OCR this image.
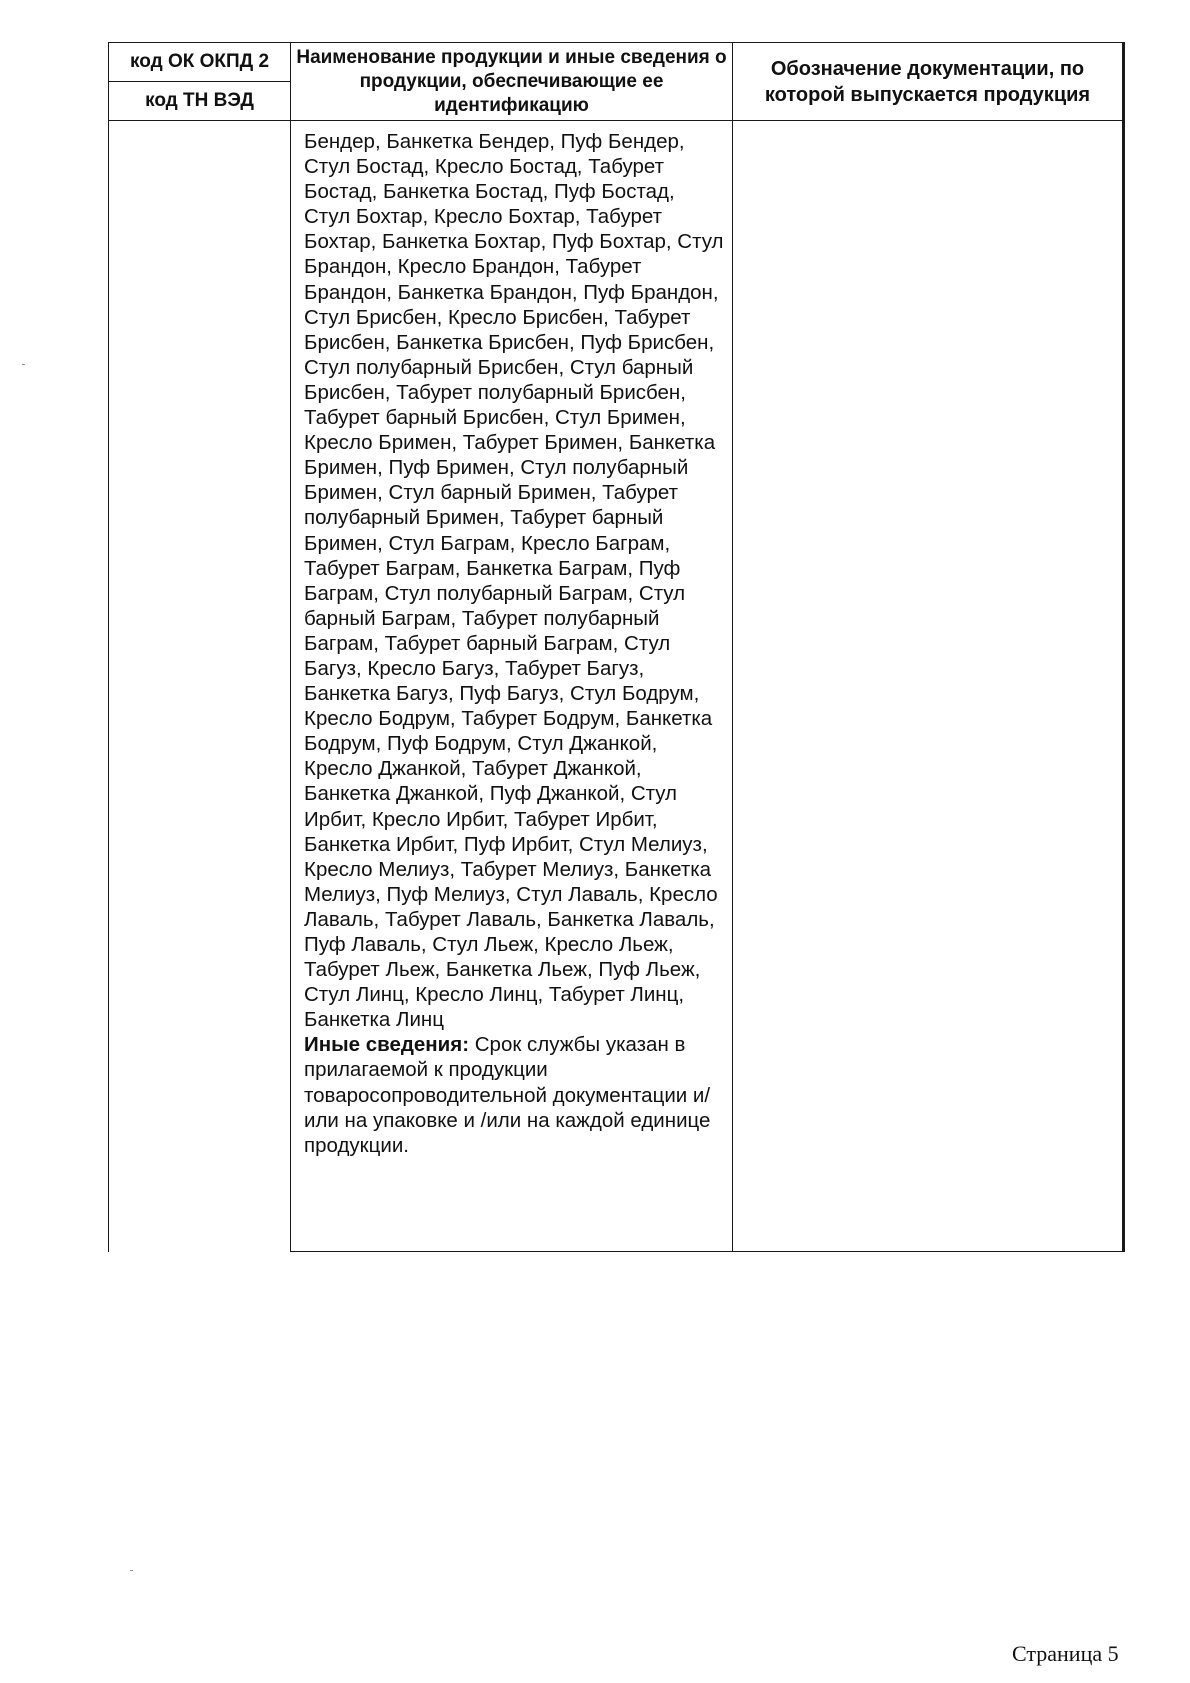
код ОК ОКПД 2	Наименование продукции и иные сведения о продукции, обеспечивающие ее идентификацию	Обозначение документации, по которой выпускается продукция
код ТН ВЭД		
	Бендер, Банкетка Бендер, Пуф Бендер, Стул Бостад, Кресло Бостад, Табурет Бостад, Банкетка Бостад, Пуф Бостад, Стул Бохтар, Кресло Бохтар, Табурет Бохтар, Банкетка Бохтар, Пуф Бохтар, Стул Брандон, Кресло Брандон, Табурет Брандон, Банкетка Брандон, Пуф Брандон, Стул Брисбен, Кресло Брисбен, Табурет Брисбен, Банкетка Брисбен, Пуф Брисбен, Стул полубарный Брисбен, Стул барный Брисбен, Табурет полубарный Брисбен, Табурет барный Брисбен, Стул Бримен, Кресло Бримен, Табурет Бримен, Банкетка Бримен, Пуф Бримен, Стул полубарный Бримен, Стул барный Бримен, Табурет полубарный Бримен, Табурет барный Бримен, Стул Баграм, Кресло Баграм, Табурет Баграм, Банкетка Баграм, Пуф Баграм, Стул полубарный Баграм, Стул барный Баграм, Табурет полубарный Баграм, Табурет барный Баграм, Стул Багуз, Кресло Багуз, Табурет Багуз, Банкетка Багуз, Пуф Багуз, Стул Бодрум, Кресло Бодрум, Табурет Бодрум, Банкетка Бодрум, Пуф Бодрум, Стул Джанкой, Кресло Джанкой, Табурет Джанкой, Банкетка Джанкой, Пуф Джанкой, Стул Ирбит, Кресло Ирбит, Табурет Ирбит, Банкетка Ирбит, Пуф Ирбит, Стул Мелиуз, Кресло Мелиуз, Табурет Мелиуз, Банкетка Мелиуз, Пуф Мелиуз, Стул Лаваль, Кресло Лаваль, Табурет Лаваль, Банкетка Лаваль, Пуф Лаваль, Стул Льеж, Кресло Льеж, Табурет Льеж, Банкетка Льеж, Пуф Льеж, Стул Линц, Кресло Линц, Табурет Линц, Банкетка Линц
Иные сведения: Срок службы указан в прилагаемой к продукции товаросопроводительной документации и/или на упаковке и /или на каждой единице продукции.	
Страница 5
